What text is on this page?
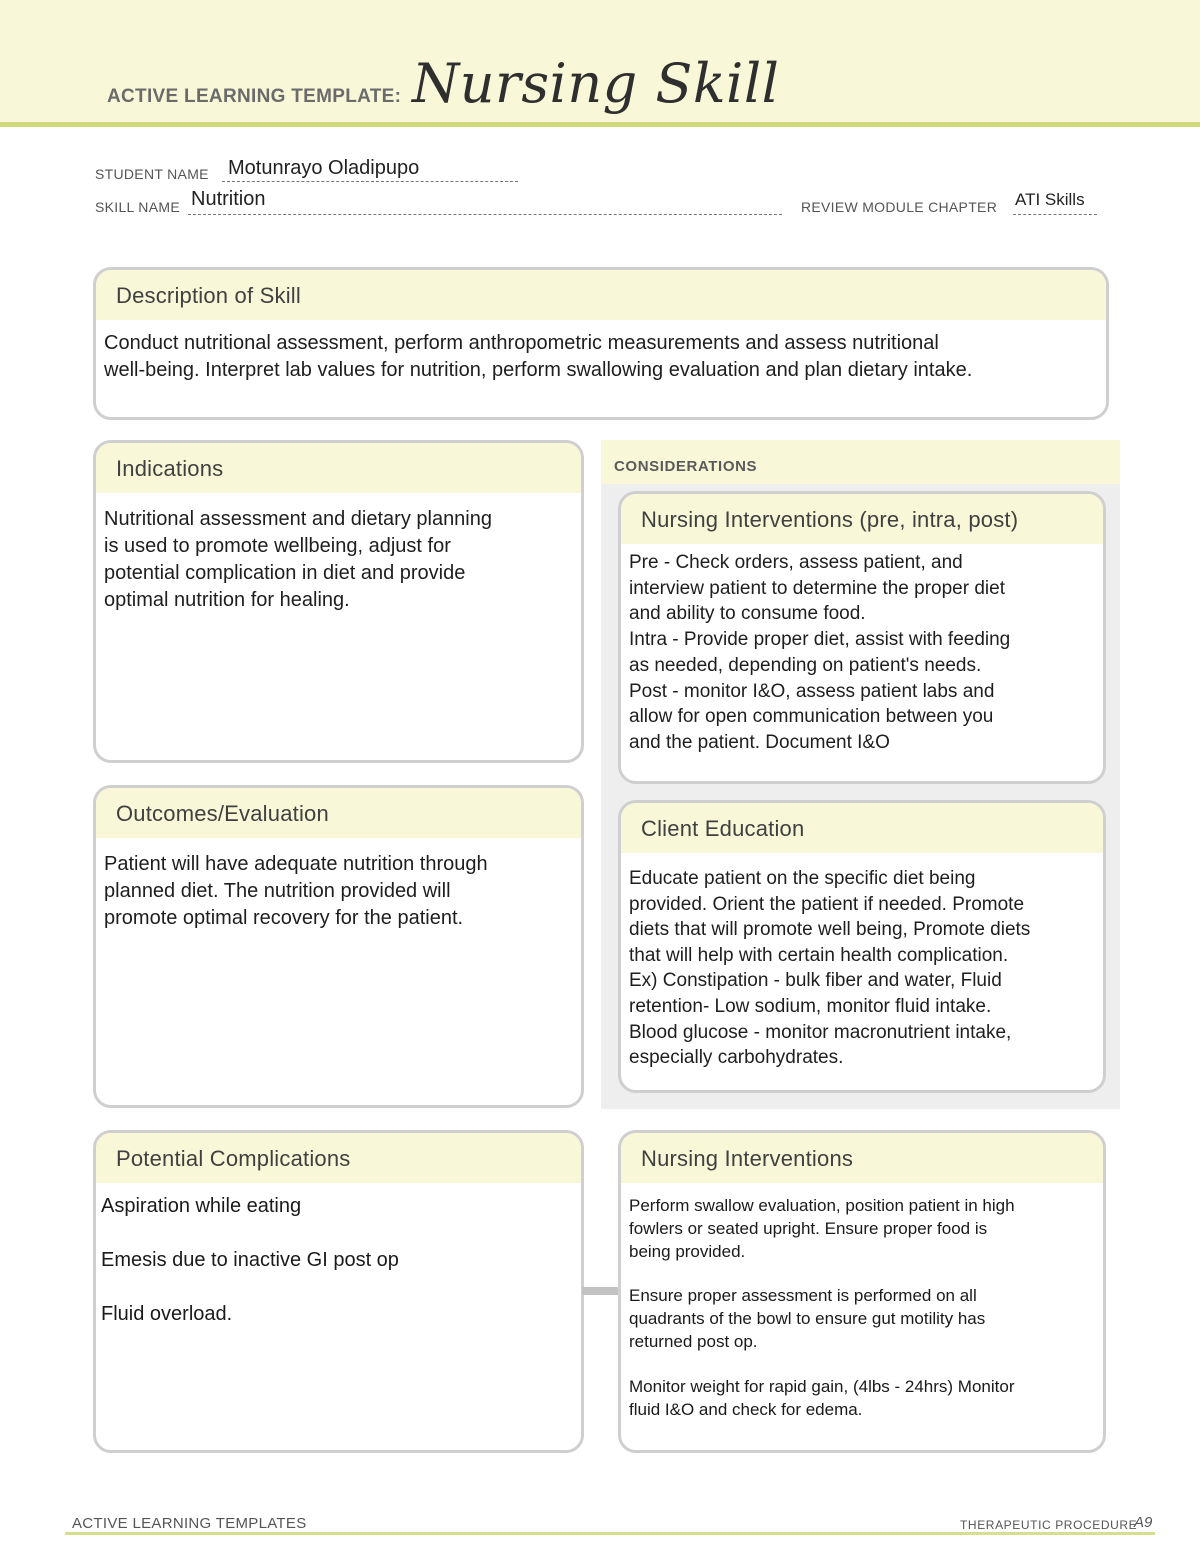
ACTIVE LEARNING TEMPLATE: Nursing Skill
STUDENT NAME Motunrayo Oladipupo
SKILL NAME Nutrition	REVIEW MODULE CHAPTER ATI Skills
Description of Skill
Conduct nutritional assessment, perform anthropometric measurements and assess nutritional
well-being. Interpret lab values for nutrition, perform swallowing evaluation and plan dietary intake.
Indications
Nutritional assessment and dietary planning
is used to promote wellbeing, adjust for
potential complication in diet and provide
optimal nutrition for healing.
Outcomes/Evaluation
Patient will have adequate nutrition through
planned diet. The nutrition provided will
promote optimal recovery for the patient.
CONSIDERATIONS
Nursing Interventions (pre, intra, post)
Pre - Check orders, assess patient, and
interview patient to determine the proper diet
and ability to consume food.
Intra - Provide proper diet, assist with feeding
as needed, depending on patient's needs.
Post - monitor I&O, assess patient labs and
allow for open communication between you
and the patient. Document I&O
Client Education
Educate patient on the specific diet being
provided. Orient the patient if needed. Promote
diets that will promote well being, Promote diets
that will help with certain health complication.
Ex) Constipation - bulk fiber and water, Fluid
retention- Low sodium, monitor fluid intake.
Blood glucose - monitor macronutrient intake,
especially carbohydrates.
Potential Complications
Aspiration while eating
Emesis due to inactive GI post op
Fluid overload.
Nursing Interventions
Perform swallow evaluation, position patient in high
fowlers or seated upright. Ensure proper food is
being provided.
Ensure proper assessment is performed on all
quadrants of the bowl to ensure gut motility has
returned post op.
Monitor weight for rapid gain, (4lbs - 24hrs) Monitor
fluid I&O and check for edema.
ACTIVE LEARNING TEMPLATES	THERAPEUTIC PROCEDURE
A9
